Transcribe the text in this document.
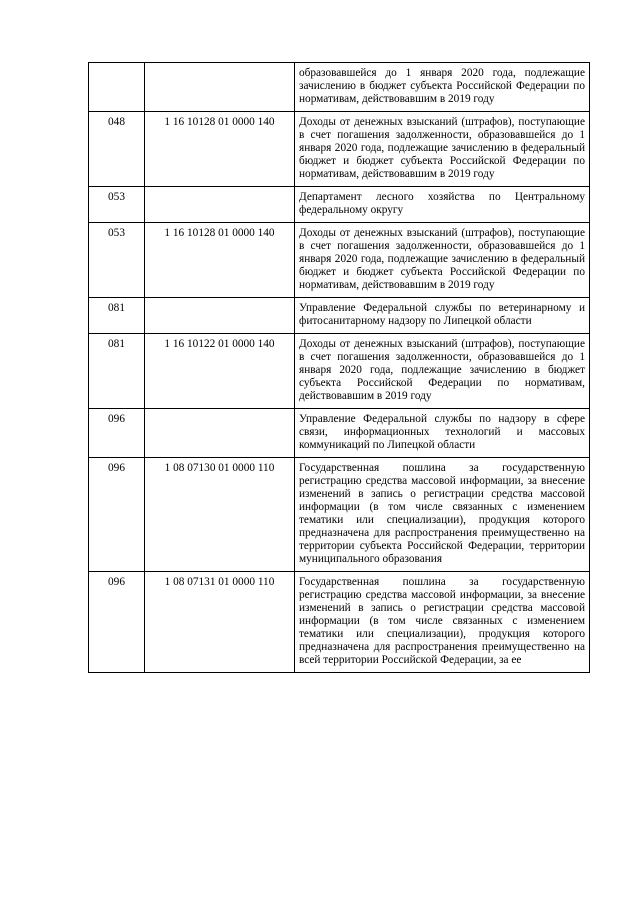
		образовавшейся до 1 января 2020 года, подлежащие зачислению в бюджет субъекта Российской Федерации по нормативам, действовавшим в 2019 году
048	1 16 10128 01 0000 140	Доходы от денежных взысканий (штрафов), поступающие в счет погашения задолженности, образовавшейся до 1 января 2020 года, подлежащие зачислению в федеральный бюджет и бюджет субъекта Российской Федерации по нормативам, действовавшим в 2019 году
053		Департамент лесного хозяйства по Центральному федеральному округу
053	1 16 10128 01 0000 140	Доходы от денежных взысканий (штрафов), поступающие в счет погашения задолженности, образовавшейся до 1 января 2020 года, подлежащие зачислению в федеральный бюджет и бюджет субъекта Российской Федерации по нормативам, действовавшим в 2019 году
081		Управление Федеральной службы по ветеринарному и фитосанитарному надзору по Липецкой области
081	1 16 10122 01 0000 140	Доходы от денежных взысканий (штрафов), поступающие в счет погашения задолженности, образовавшейся до 1 января 2020 года, подлежащие зачислению в бюджет субъекта Российской Федерации по нормативам, действовавшим в 2019 году
096		Управление Федеральной службы по надзору в сфере связи, информационных технологий и массовых коммуникаций по Липецкой области
096	1 08 07130 01 0000 110	Государственная пошлина за государственную регистрацию средства массовой информации, за внесение изменений в запись о регистрации средства массовой информации (в том числе связанных с изменением тематики или специализации), продукция которого предназначена для распространения преимущественно на территории субъекта Российской Федерации, территории муниципального образования
096	1 08 07131 01 0000 110	Государственная пошлина за государственную регистрацию средства массовой информации, за внесение изменений в запись о регистрации средства массовой информации (в том числе связанных с изменением тематики или специализации), продукция которого предназначена для распространения преимущественно на всей территории Российской Федерации, за ее
